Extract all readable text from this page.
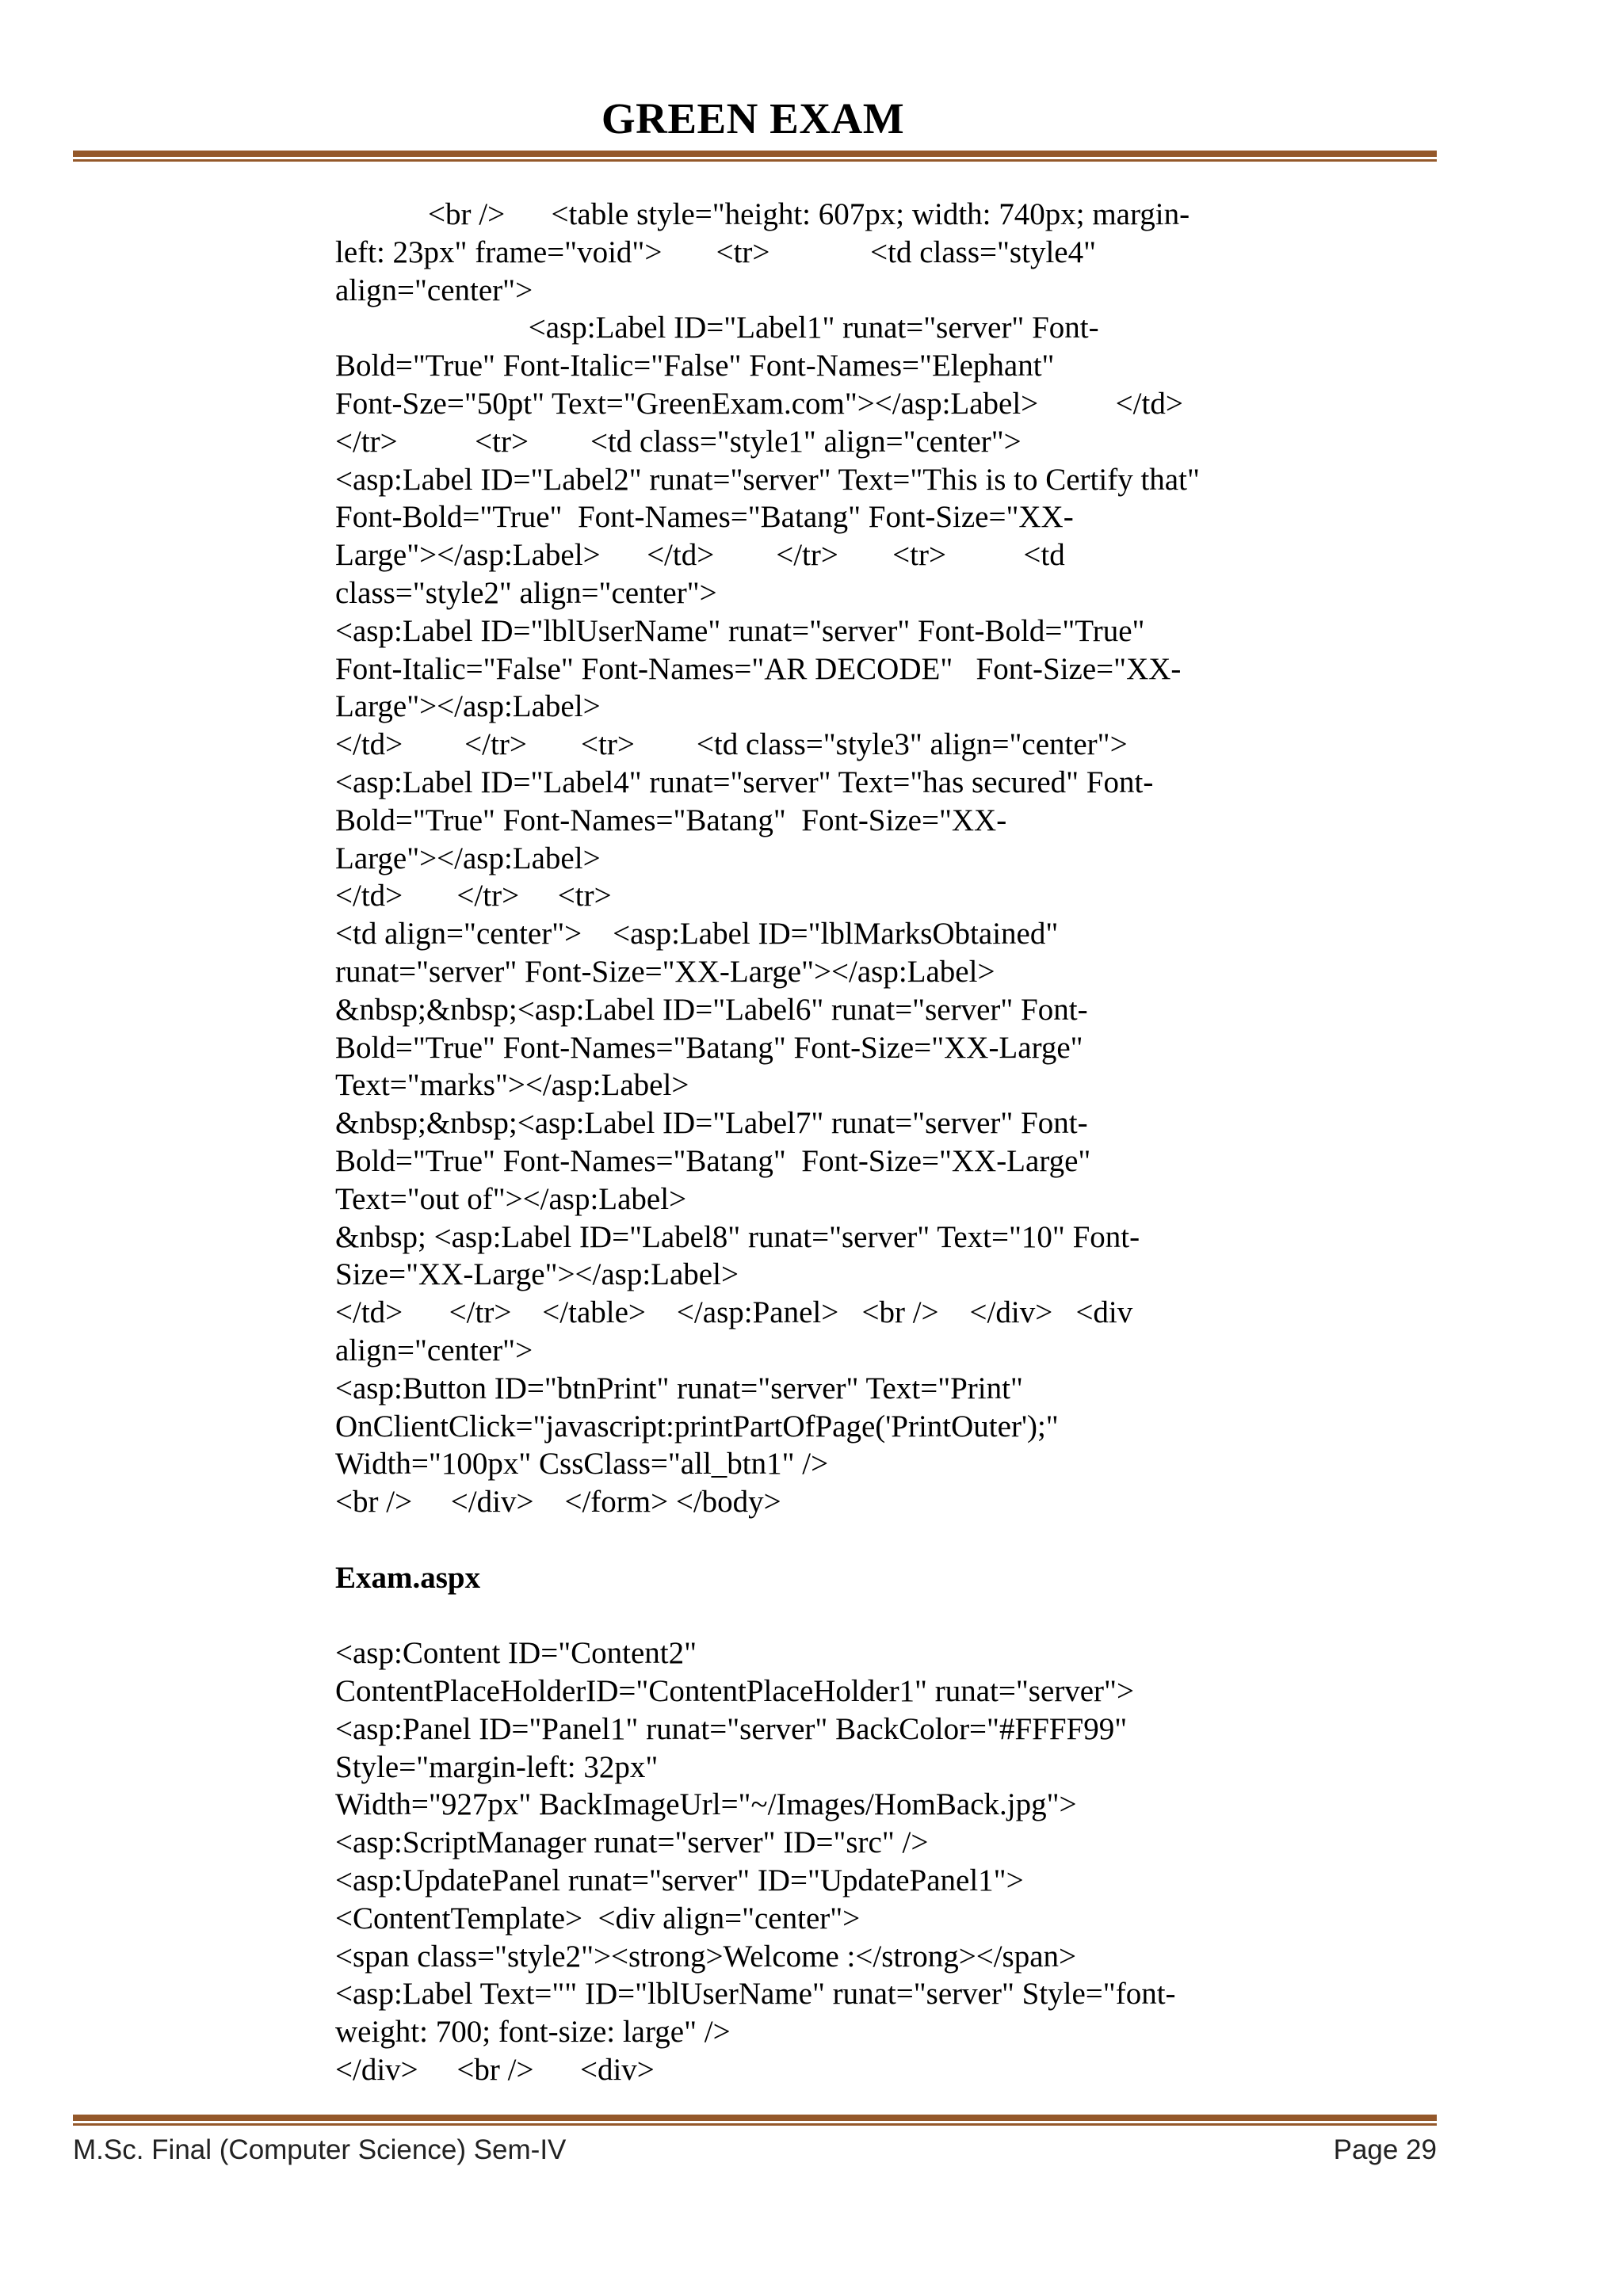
GREEN EXAM
<br />      <table style="height: 607px; width: 740px; margin-
left: 23px" frame="void">       <tr>             <td class="style4"
align="center">
<asp:Label ID="Label1" runat="server" Font-
Bold="True" Font-Italic="False" Font-Names="Elephant"
Font-Sze="50pt" Text="GreenExam.com"></asp:Label>          </td>
</tr>          <tr>        <td class="style1" align="center">
<asp:Label ID="Label2" runat="server" Text="This is to Certify that"
Font-Bold="True"  Font-Names="Batang" Font-Size="XX-
Large"></asp:Label>      </td>        </tr>       <tr>          <td
class="style2" align="center">
<asp:Label ID="lblUserName" runat="server" Font-Bold="True"
Font-Italic="False" Font-Names="AR DECODE"   Font-Size="XX-
Large"></asp:Label>
</td>        </tr>       <tr>        <td class="style3" align="center">
<asp:Label ID="Label4" runat="server" Text="has secured" Font-
Bold="True" Font-Names="Batang"  Font-Size="XX-
Large"></asp:Label>
</td>       </tr>     <tr>
<td align="center">    <asp:Label ID="lblMarksObtained"
runat="server" Font-Size="XX-Large"></asp:Label>
&nbsp;&nbsp;<asp:Label ID="Label6" runat="server" Font-
Bold="True" Font-Names="Batang" Font-Size="XX-Large"
Text="marks"></asp:Label>
&nbsp;&nbsp;<asp:Label ID="Label7" runat="server" Font-
Bold="True" Font-Names="Batang"  Font-Size="XX-Large"
Text="out of"></asp:Label>
&nbsp; <asp:Label ID="Label8" runat="server" Text="10" Font-
Size="XX-Large"></asp:Label>
</td>      </tr>    </table>    </asp:Panel>   <br />    </div>   <div
align="center">
<asp:Button ID="btnPrint" runat="server" Text="Print"
OnClientClick="javascript:printPartOfPage('PrintOuter');"
Width="100px" CssClass="all_btn1" />
<br />     </div>    </form> </body>
Exam.aspx
<asp:Content ID="Content2"
ContentPlaceHolderID="ContentPlaceHolder1" runat="server">
<asp:Panel ID="Panel1" runat="server" BackColor="#FFFF99"
Style="margin-left: 32px"
Width="927px" BackImageUrl="~/Images/HomBack.jpg">
<asp:ScriptManager runat="server" ID="src" />
<asp:UpdatePanel runat="server" ID="UpdatePanel1">
<ContentTemplate>  <div align="center">
<span class="style2"><strong>Welcome :</strong></span>
<asp:Label Text="" ID="lblUserName" runat="server" Style="font-
weight: 700; font-size: large" />
</div>     <br />      <div>
M.Sc. Final (Computer Science) Sem-IV	Page 29
